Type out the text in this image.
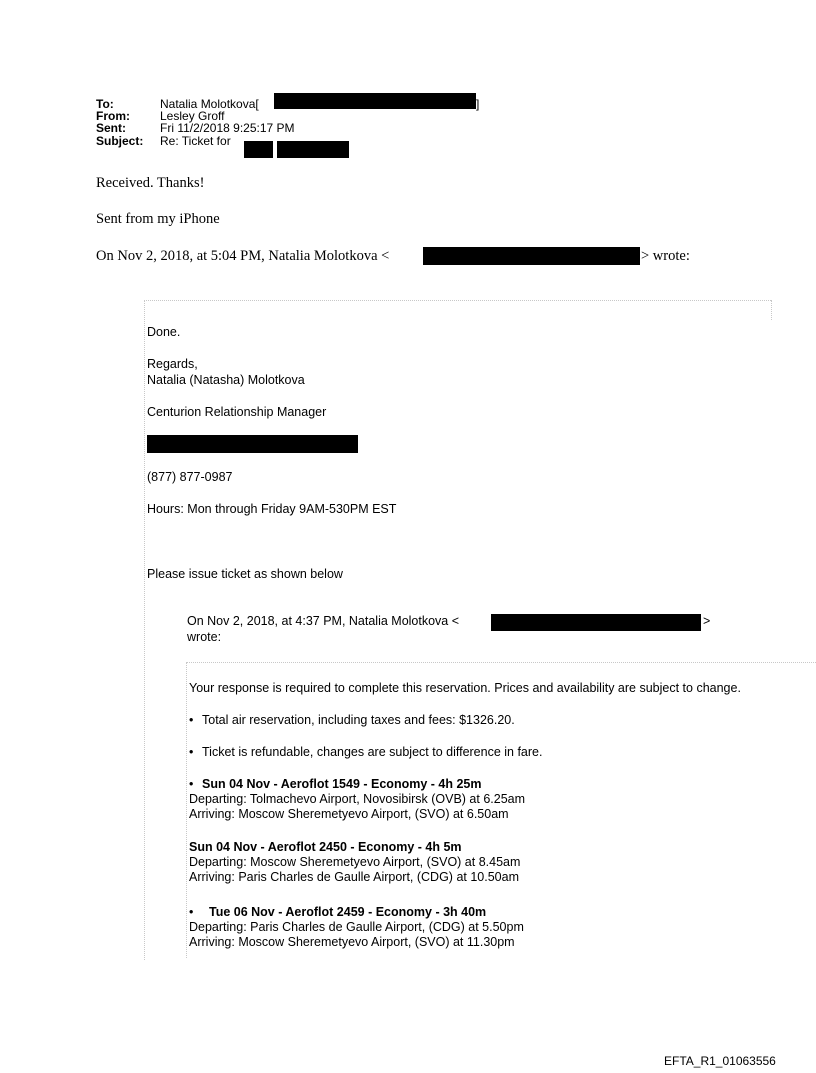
To:	Natalia Molotkova[	]
From:	Lesley Groff
Sent:	Fri 11/2/2018 9:25:17 PM
Subject: Re: Ticket for
Received. Thanks!
Sent from my iPhone
On Nov 2, 2018, at 5:04 PM, Natalia Molotkova <	> wrote:
Done.
Regards,
Natalia (Natasha) Molotkova
Centurion Relationship Manager
(877) 877-0987
Hours: Mon through Friday 9AM-530PM EST
Please issue ticket as shown below
On Nov 2, 2018, at 4:37 PM, Natalia Molotkova <	>
wrote:
Your response is required to complete this reservation. Prices and availability are subject to change.
• Total air reservation, including taxes and fees: $1326.20.
• Ticket is refundable, changes are subject to difference in fare.
• Sun 04 Nov - Aeroflot 1549 - Economy - 4h 25m
Departing: Tolmachevo Airport, Novosibirsk (OVB) at 6.25am
Arriving: Moscow Sheremetyevo Airport, (SVO) at 6.50am
Sun 04 Nov - Aeroflot 2450 - Economy - 4h 5m
Departing: Moscow Sheremetyevo Airport, (SVO) at 8.45am
Arriving: Paris Charles de Gaulle Airport, (CDG) at 10.50am
• Tue 06 Nov - Aeroflot 2459 - Economy - 3h 40m
Departing: Paris Charles de Gaulle Airport, (CDG) at 5.50pm
Arriving: Moscow Sheremetyevo Airport, (SVO) at 11.30pm
EFTA_R1_01063556
